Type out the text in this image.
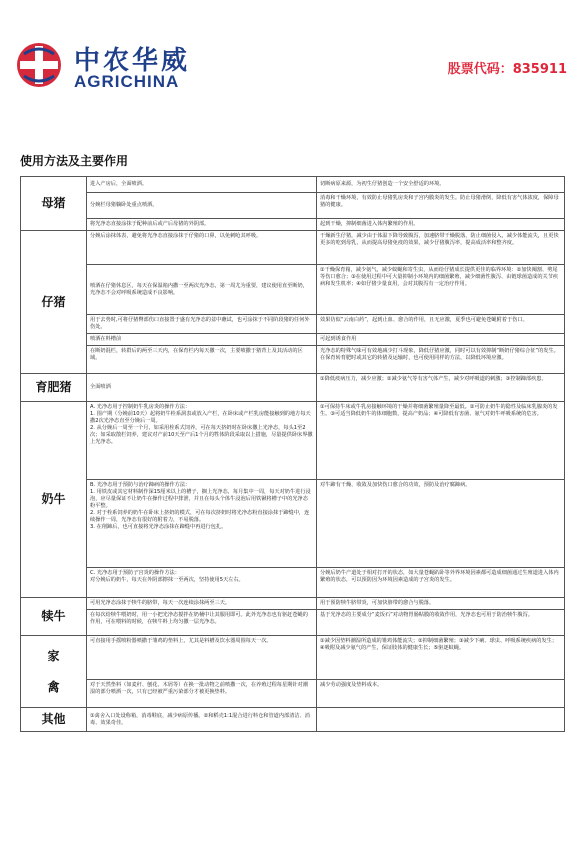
中农华威
AGRICHINA
股票代码：835911
使用方法及主要作用
母猪	进入产房后，全面喷洒。	切断病原来源，为初生仔猪创造一个安全舒适的环境。
	分娩栏母猪躺卧处重点喷洒。	消毒和干燥环境，有效防止母猪乳房炎和子宫内膜炎的发生。防止母猪滑倒，降低有害气体浓度，保障母猪的健康。
	将光净态直接涂抹于配种前后或产后母猪的外阴部。	起到干燥，抑制细菌进入体内繁殖的作用。
仔猪	分娩后涂抹体表，避免将光净态直接涂抹于仔猪的口鼻，以免刺呛其呼吸。	干燥新生仔猪，减少由于体温下降导致腹泻，加速脐带干燥脱落，防止细菌侵入，减少体能流失，且更快更多的吃到母乳，从而提高母猪免疫的效果，减少仔猪腹泻率，提高成活率和整齐度。
	喷洒在仔猪休息区，每天在保温箱内撒一至两次光净态，第一周尤为重要，建议使用直至断奶，光净态不会对呼吸系统造成不良影响。	①干燥保育箱，减少氨气，减少蚊蝇和寄生虫，从而给仔猪成长提供更佳的临界环境：②加快阉割、剪尾等伤口愈合；③在使用过程中可大量抑制小环境内的细菌繁殖，减少细菌性腹泻、由链球菌造成的关节疾病和发生机率；④如仔猪少量食用，会对其腹泻有一定治疗作用。
	用于去势时,可将仔猪臀部伤口直接置于盛有光净态的盆中蘸试，也可涂抹于不同阶段猪的任何外伤处。	效果仿似“云南白药”，起到止血、愈合的作用，且无应激，夏季也可避免苍蝇附着于伤口。
	喷洒在料槽前	可起到诱食作用
	在断奶混栏，转群后的两至三天内，在保育栏内每天撒一次，主要喷撒于猪背上及其活动的区域。	光净态的特殊气味可有效地减少打斗现象，降低仔猪应激，同时可以有效抑制“断奶仔猪综合征”的发生。在保育转育肥时或其它的转猪及运输时，也可使用同样的方法，以降低环境应激。
育肥猪	全面喷洒	①降低疫病压力，减少应激；②减少氨气等有害气体产生，减少对呼吸道的刺激；③控制蹄部疾患。
奶牛	A. 光净态用于控制奶牛乳房炎的操作方法：
1. 围产期（分娩前10天）起将奶牛栓系洞表或放入产栏，在卧床或产栏乳房能接触到的地方每天撒2次光净态直至分娩后一周。
2. 从分娩后一周至一个月，如采用栓系式饲养，可在每天挤奶时在卧床撒上光净态，每头1至2次；如采取散栏饲养，建议对产前10天至产后1个月的牲体阶段采取以上措施，尽量提供卧床界撒上光净态。	①可保持牛床或牛乳房接触环境的干燥并将细菌繁殖量降至最低。②可防止奶牛的隐性及临床乳腺炎的发生。③可适当降低奶牛的体细胞数，提高产奶品；④可降低有害菌、氨气对奶牛呼吸系统的危害。

	B. 光净态用于预防与治疗蹄病的操作方法：
1. 用铁皮或其它材料制作深15厘米以上的槽子，搁上光净态，每月集中一周，每天对奶牛进行浸泡，应尽量保证不让奶牛在操作过程中排泄，并且在每头个体牛浸泡后用铁锹将槽子中的光净态粉平整。
2. 对于栓系饲养的奶牛在卧床上挤奶的模式，可在每次挤奶时将光净态粉直接涂抹于蹄缝中，连续操作一周，光净态有很好的附着力，不易脱落。
3. 在削蹄后，也可直接将光净态涂抹在蹄缝中再进行包扎。	对牛蹄有干燥、收敛及加快伤口愈合的功效，预防及治疗腐蹄病。

	C. 光净态用于预防子宫炎的操作方法：
对分娩后的奶牛，每天在外阴部擦抹一至两次，坚持使用5天左右。	分娩后奶牛产道处于相对打开的状态，如大量苍蝇趴卧等外界环境因素都可造成细菌通过生殖道进入体内繁殖的状态，可以预防因为环境因素造成的子宫炎的发生。
犊牛	可用光净态涂抹于犊牛的脐带，每天一次连续涂抹两至三天。	用于预防犊牛脐带炎，可加快脐带的愈合与脱落。
	在每次给犊牛喂奶时，用一小把光净态搅拌在奶桶中让其服用即可。此外光净态也有驱赶苍蝇的作用，可在喂料的时候，在犊牛料上均匀撒一层光净态。	基于光净态的主要成分“麦饭石”对动物胃肠粘膜的收敛作用，光净态也可用于防治犊牛腹泻。

家
禽	可直接用手摇喷粉器喷撒于雏鸡的垫料上，尤其是料槽及饮水器周围每天一次。	①减少因垫料潮湿所造成的雏鸡体能流失；②抑制细菌繁殖；③减少下痢、球虫、呼吸系统疾病的发生；④吸附及减少氨气的产生，保证肢体的健康生长；⑤驱逐蚊蝇。
	对于天然垫料（如麦秆、刨花、木屑等）在换一批动物之前喷撒一次，在养殖过程每星期针对潮湿的部分喷洒一次，只有已经被严重污染部分才被更换垫料。	减少劳动强度及垫料成本。
其他	①禽舍入口处设称箱，消毒鞋底，减少病原传播。②和稻壳1:1混合进行料仓和管道内部清洁、消毒、效果奇佳。	
